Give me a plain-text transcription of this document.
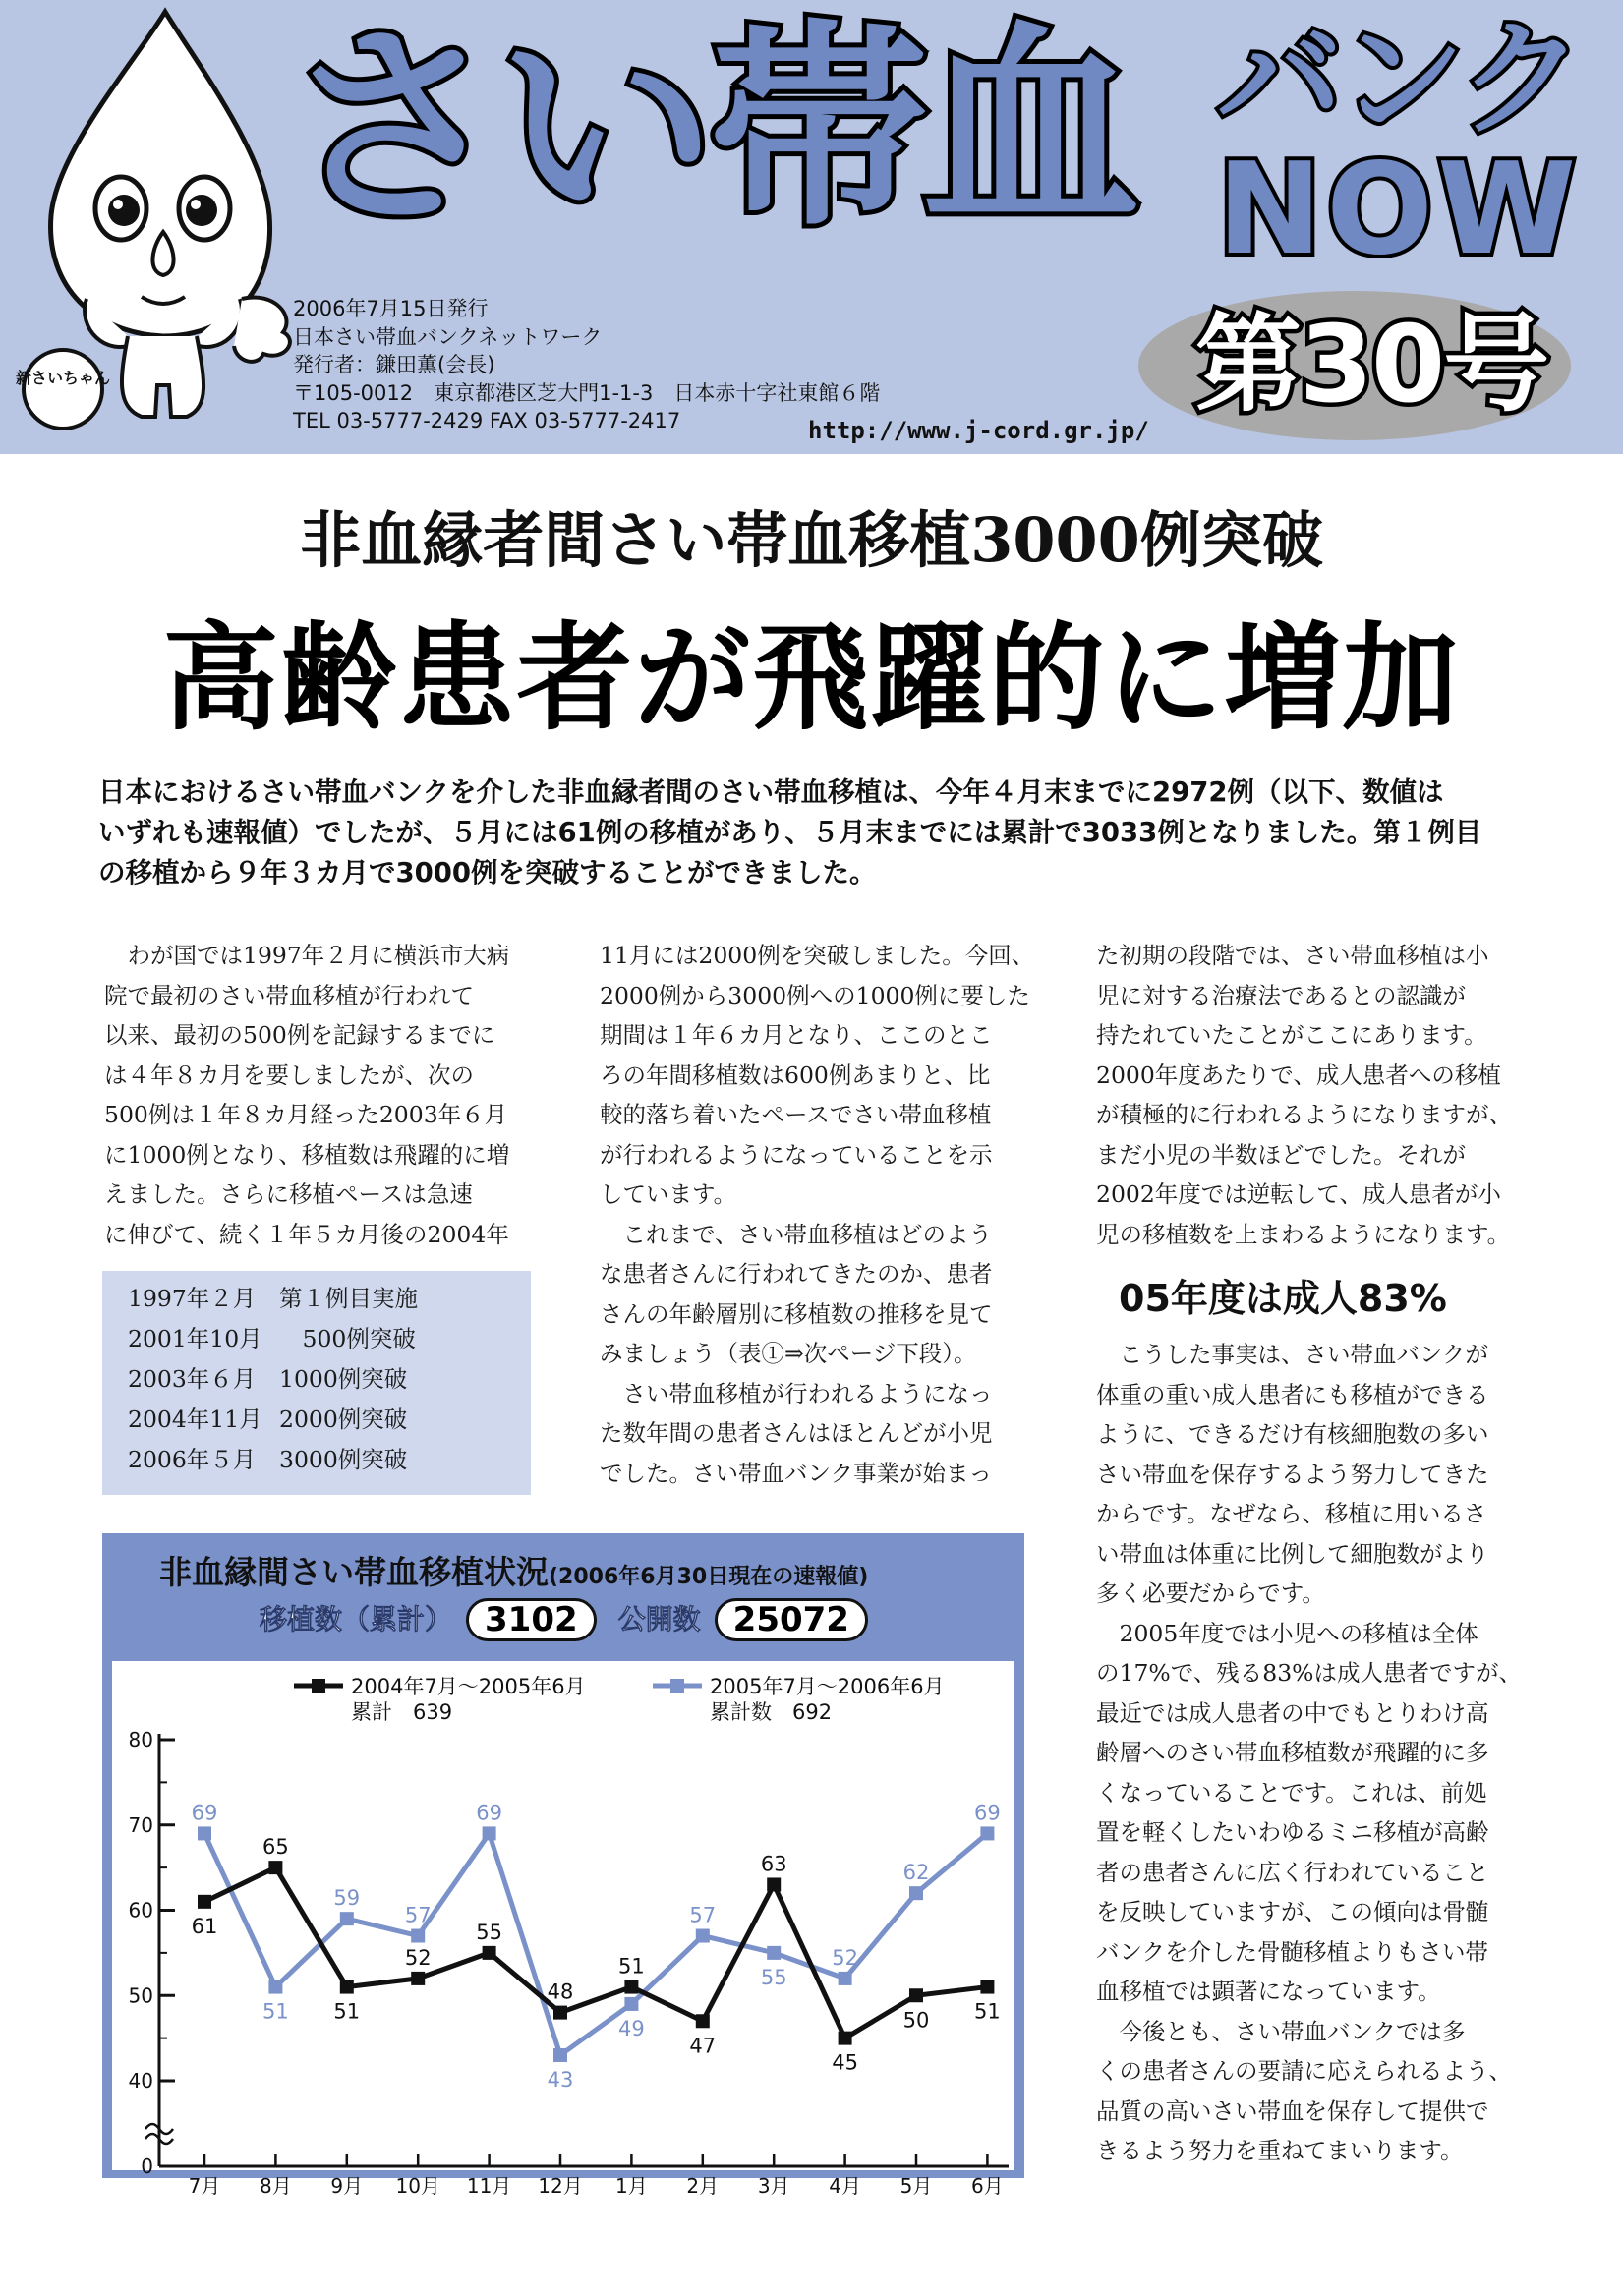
新さいちゃん
さい帯血 バンク
NOW
第30号
2006年7月15日発行
日本さい帯血バンクネットワーク
発行者：鎌田薫(会長)
〒105-0012　東京都港区芝大門1-1-3　日本赤十字社東館６階
TEL 03-5777-2429 FAX 03-5777-2417	http://www.j-cord.gr.jp/
非血縁者間さい帯血移植3000例突破
高齢患者が飛躍的に増加
日本におけるさい帯血バンクを介した非血縁者間のさい帯血移植は、今年４月末までに2972例（以下、数値は
いずれも速報値）でしたが、５月には61例の移植があり、５月末までには累計で3033例となりました。第１例目
の移植から９年３カ月で3000例を突破することができました。
　わが国では1997年２月に横浜市大病
院で最初のさい帯血移植が行われて
以来、最初の500例を記録するまでに
は４年８カ月を要しましたが、次の
500例は１年８カ月経った2003年６月
に1000例となり、移植数は飛躍的に増
えました。さらに移植ペースは急速
に伸びて、続く１年５カ月後の2004年
1997年２月	第１例目実施
2001年10月 　500例突破
2003年６月	1000例突破
2004年11月 2000例突破
2006年５月	3000例突破
11月には2000例を突破しました。今回、
2000例から3000例への1000例に要した
期間は１年６カ月となり、ここのとこ
ろの年間移植数は600例あまりと、比
較的落ち着いたペースでさい帯血移植
が行われるようになっていることを示
しています。
　これまで、さい帯血移植はどのよう
な患者さんに行われてきたのか、患者
さんの年齢層別に移植数の推移を見て
みましょう（表①⇒次ページ下段）。
　さい帯血移植が行われるようになっ
た数年間の患者さんはほとんどが小児
でした。さい帯血バンク事業が始まっ
た初期の段階では、さい帯血移植は小
児に対する治療法であるとの認識が
持たれていたことがここにあります。
2000年度あたりで、成人患者への移植
が積極的に行われるようになりますが、
まだ小児の半数ほどでした。それが
2002年度では逆転して、成人患者が小
児の移植数を上まわるようになります。
05年度は成人83%
　こうした事実は、さい帯血バンクが
体重の重い成人患者にも移植ができる
ように、できるだけ有核細胞数の多い
さい帯血を保存するよう努力してきた
からです。なぜなら、移植に用いるさ
い帯血は体重に比例して細胞数がより
多く必要だからです。
　2005年度では小児への移植は全体
の17%で、残る83%は成人患者ですが、
最近では成人患者の中でもとりわけ高
齢層へのさい帯血移植数が飛躍的に多
くなっていることです。これは、前処
置を軽くしたいわゆるミニ移植が高齢
者の患者さんに広く行われていること
を反映していますが、この傾向は骨髄
バンクを介した骨髄移植よりもさい帯
血移植では顕著になっています。
　今後とも、さい帯血バンクでは多
くの患者さんの要請に応えられるよう、
品質の高いさい帯血を保存して提供で
きるよう努力を重ねてまいります。
非血縁間さい帯血移植状況(2006年6月30日現在の速報値)
移植数（累計） 3102	公開数 25072
0
40
50
60
70
80
7月 8月 9月 10月 11月 12月 1月 2月 3月 4月 5月 6月
69
51
59
57
69
43
49
57
55
52
62
69
61
65
51
52
55
48
51
47
63
45
50 51
2004年7月〜2005年6月
累計　639
2005年7月〜2006年6月
累計数　692
